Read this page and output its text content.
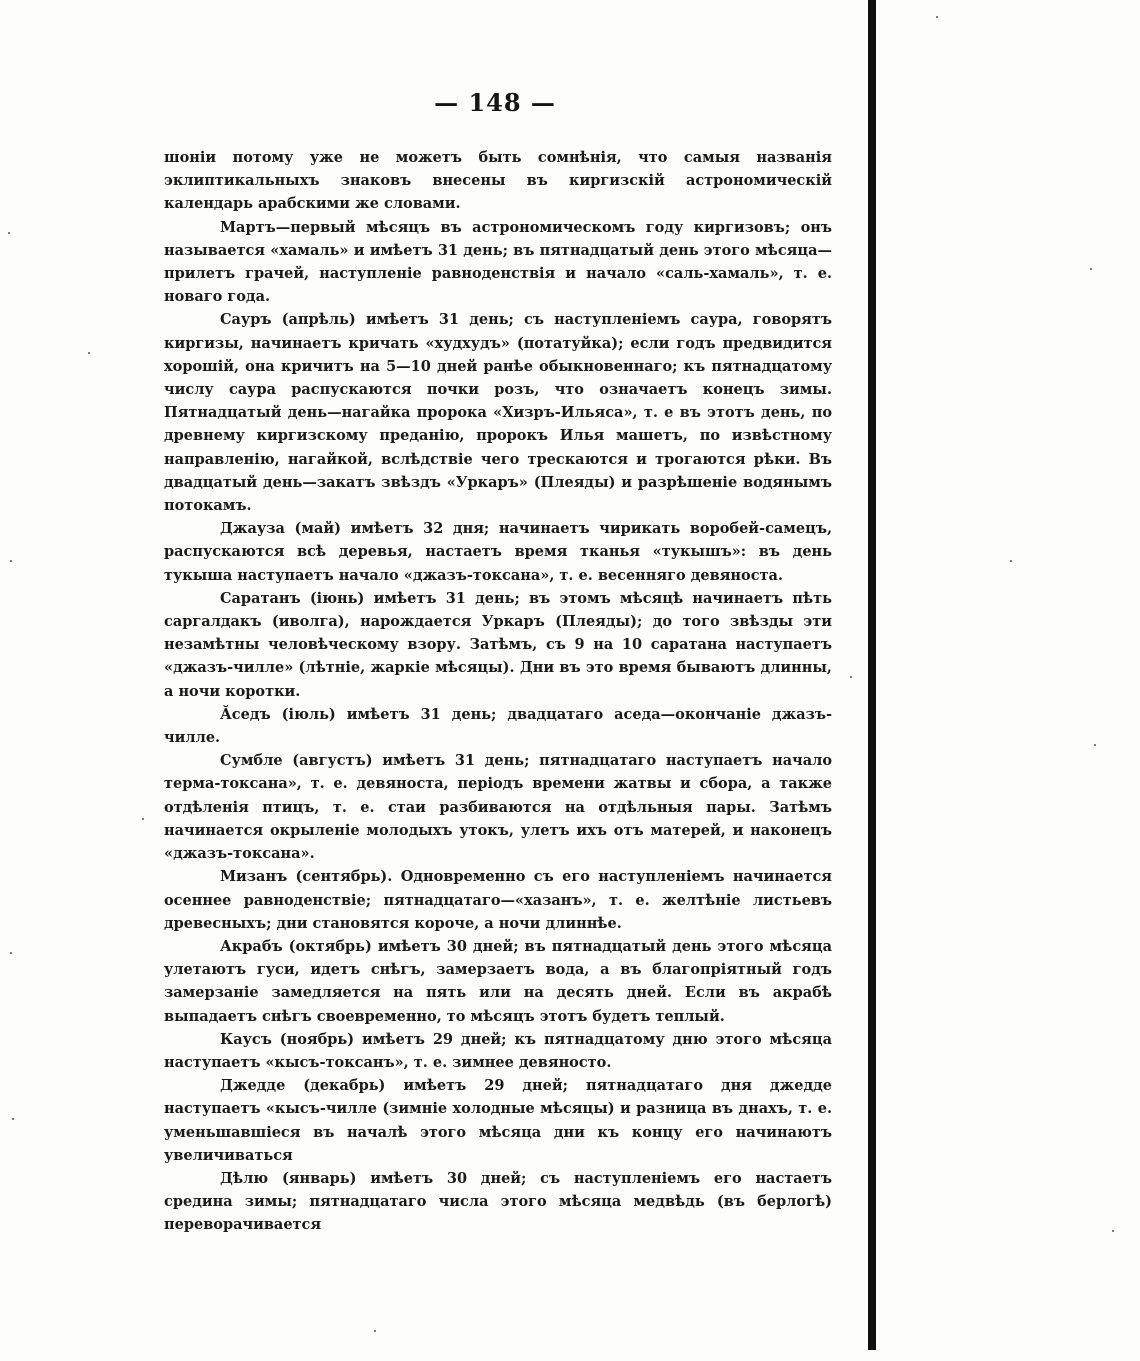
— 148 —

шоніи потому уже не можетъ быть сомнѣнія, что самыя названія эклиптикальныхъ знаковъ внесены въ киргизскій астрономическій календарь арабскими же словами.

Мартъ—первый мѣсяцъ въ астрономическомъ году киргизовъ; онъ называется «хамаль» и имѣетъ 31 день; въ пятнадцатый день этого мѣсяца—прилетъ грачей, наступленіе равноденствія и начало «саль-хамаль», т. е. новаго года.

Сауръ (апрѣль) имѣетъ 31 день; съ наступленіемъ саура, говорятъ киргизы, начинаетъ кричать «худхудъ» (потатуйка); если годъ предвидится хорошій, она кричитъ на 5—10 дней ранѣе обыкновеннаго; къ пятнадцатому числу саура распускаются почки розъ, что означаетъ конецъ зимы. Пятнадцатый день—нагайка пророка «Хизръ-Ильяса», т. е въ этотъ день, по древнему киргизскому преданію, пророкъ Илья машетъ, по извѣстному направленію, нагайкой, вслѣдствіе чего трескаются и трогаются рѣки. Въ двадцатый день—закатъ звѣздъ «Уркаръ» (Плеяды) и разрѣшеніе водянымъ потокамъ.

Джауза (май) имѣетъ 32 дня; начинаетъ чирикать воробей-самецъ, распускаются всѣ деревья, настаетъ время тканья «тукышъ»: въ день тукыша наступаетъ начало «джазъ-токсана», т. е. весенняго девяноста.

Саратанъ (іюнь) имѣетъ 31 день; въ этомъ мѣсяцѣ начинаетъ пѣть саргалдакъ (иволга), нарождается Уркаръ (Плеяды); до того звѣзды эти незамѣтны человѣческому взору. Затѣмъ, съ 9 на 10 саратана наступаетъ «джазъ-чилле» (лѣтніе, жаркіе мѣсяцы). Дни въ это время бываютъ длинны, а ночи коротки.

Ӑседъ (іюль) имѣетъ 31 день; двадцатаго аседа—окончаніе джазъ-чилле.

Сумбле (августъ) имѣетъ 31 день; пятнадцатаго наступаетъ начало терма-токсана», т. е. девяноста, періодъ времени жатвы и сбора, а также отдѣленія птицъ, т. е. стаи разбиваются на отдѣльныя пары. Затѣмъ начинается окрыленіе молодыхъ утокъ, улетъ ихъ отъ матерей, и наконецъ «джазъ-токсана».

Мизанъ (сентябрь). Одновременно съ его наступленіемъ начинается осеннее равноденствіе; пятнадцатаго—«хазанъ», т. е. желтѣніе листьевъ древесныхъ; дни становятся короче, а ночи длиннѣе.

Акрабъ (октябрь) имѣетъ 30 дней; въ пятнадцатый день этого мѣсяца улетаютъ гуси, идетъ снѣгъ, замерзаетъ вода, а въ благопріятный годъ замерзаніе замедляется на пять или на десять дней. Если въ акрабѣ выпадаетъ снѣгъ своевременно, то мѣсяцъ этотъ будетъ теплый.

Каусъ (ноябрь) имѣетъ 29 дней; къ пятнадцатому дню этого мѣсяца наступаетъ «кысъ-токсанъ», т. е. зимнее девяносто.

Джедде (декабрь) имѣетъ 29 дней; пятнадцатаго дня джедде наступаетъ «кысъ-чилле (зимніе холодные мѣсяцы) и разница въ днахъ, т. е. уменьшавшіеся въ началѣ этого мѣсяца дни къ концу его начинаютъ увеличиваться

Дѣлю (январь) имѣетъ 30 дней; съ наступленіемъ его настаетъ средина зимы; пятнадцатаго числа этого мѣсяца медвѣдь (въ берлогѣ) переворачивается
